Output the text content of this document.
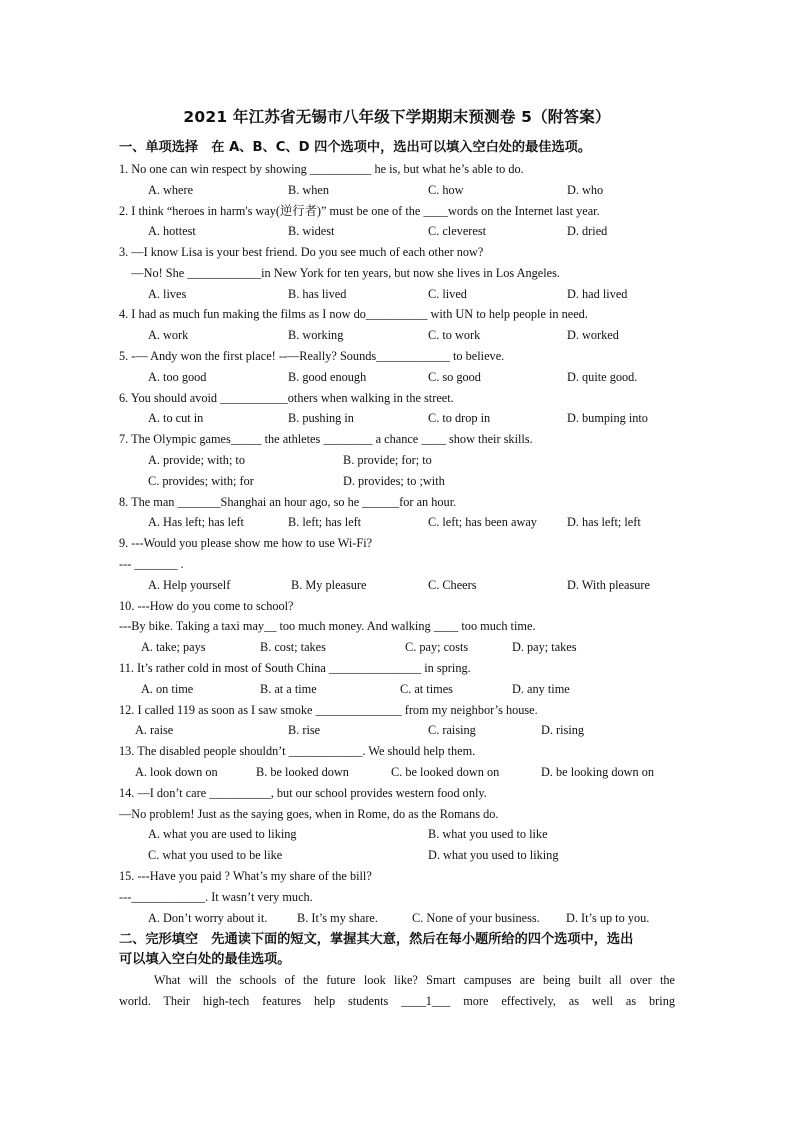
2021 年江苏省无锡市八年级下学期期末预测卷 5（附答案）
一、单项选择　在 A、B、C、D 四个选项中，选出可以填入空白处的最佳选项。
1. No one can win respect by showing __________ he is, but what he’s able to do.
A. where	B. when	C. how	D. who
2. I think “heroes in harm's way(逆行者)” must be one of the ____words on the Internet last year.
A. hottest	B. widest	C. cleverest	D. dried
3. —I know Lisa is your best friend. Do you see much of each other now?
　—No! She ____________in New York for ten years, but now she lives in Los Angeles.
A. lives	B. has lived	C. lived	D. had lived
4. I had as much fun making the films as I now do__________ with UN to help people in need.
A. work	B. working	C. to work	D. worked
5. -— Andy won the first place! --—Really? Sounds____________ to believe.
A. too good	B. good enough	C. so good	D. quite good.
6. You should avoid ___________others when walking in the street.
A. to cut in	B. pushing in	C. to drop in	D. bumping into
7. The Olympic games_____ the athletes ________ a chance ____ show their skills.
A. provide; with; to	B. provide; for; to
C. provides; with; for	D. provides; to ;with
8. The man _______Shanghai an hour ago, so he ______for an hour.
A. Has left; has left	B. left; has left	C. left; has been away D. has left; left
9. ---Would you please show me how to use Wi-Fi?
--- _______ .
A. Help yourself	B. My pleasure	C. Cheers	D. With pleasure
10. ---How do you come to school?
---By bike. Taking a taxi may__ too much money. And walking ____ too much time.
A. take; pays	B. cost; takes	C. pay; costs	D. pay; takes
11. It’s rather cold in most of South China _______________ in spring.
A. on time	B. at a time	C. at times	D. any time
12. I called 119 as soon as I saw smoke ______________ from my neighbor’s house.
A. raise	B. rise	C. raising	D. rising
13. The disabled people shouldn’t ____________. We should help them.
A. look down on	B. be looked down	C. be looked down on	D. be looking down on
14. —I don’t care __________, but our school provides western food only.
—No problem! Just as the saying goes, when in Rome, do as the Romans do.
A. what you are used to liking	B. what you used to like
C. what you used to be like	D. what you used to liking
15. ---Have you paid ? What’s my share of the bill?
---____________. It wasn’t very much.
A. Don’t worry about it. B. It’s my share.	C. None of your business. D. It’s up to you.
二、完形填空　先通读下面的短文，掌握其大意，然后在每小题所给的四个选项中，选出
可以填入空白处的最佳选项。
　　What will the schools of the future look like? Smart campuses are being built all over the
world. Their high-tech features help students ____1___ more effectively, as well as bring
